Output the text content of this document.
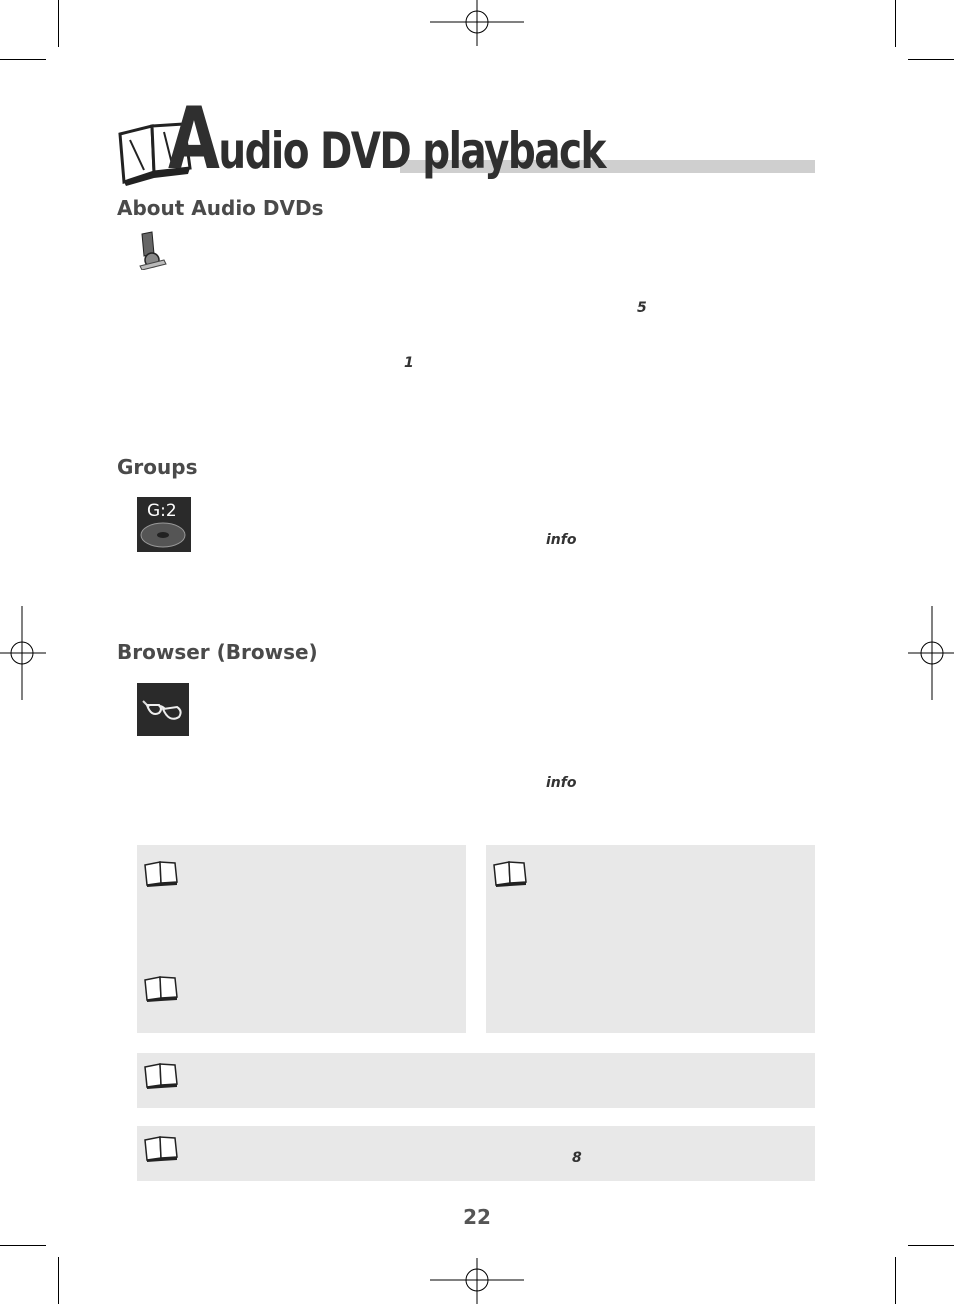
Audio DVD playback
About Audio DVDs
5
1
Groups
G:2
info
Browser (Browse)
info
8
22
